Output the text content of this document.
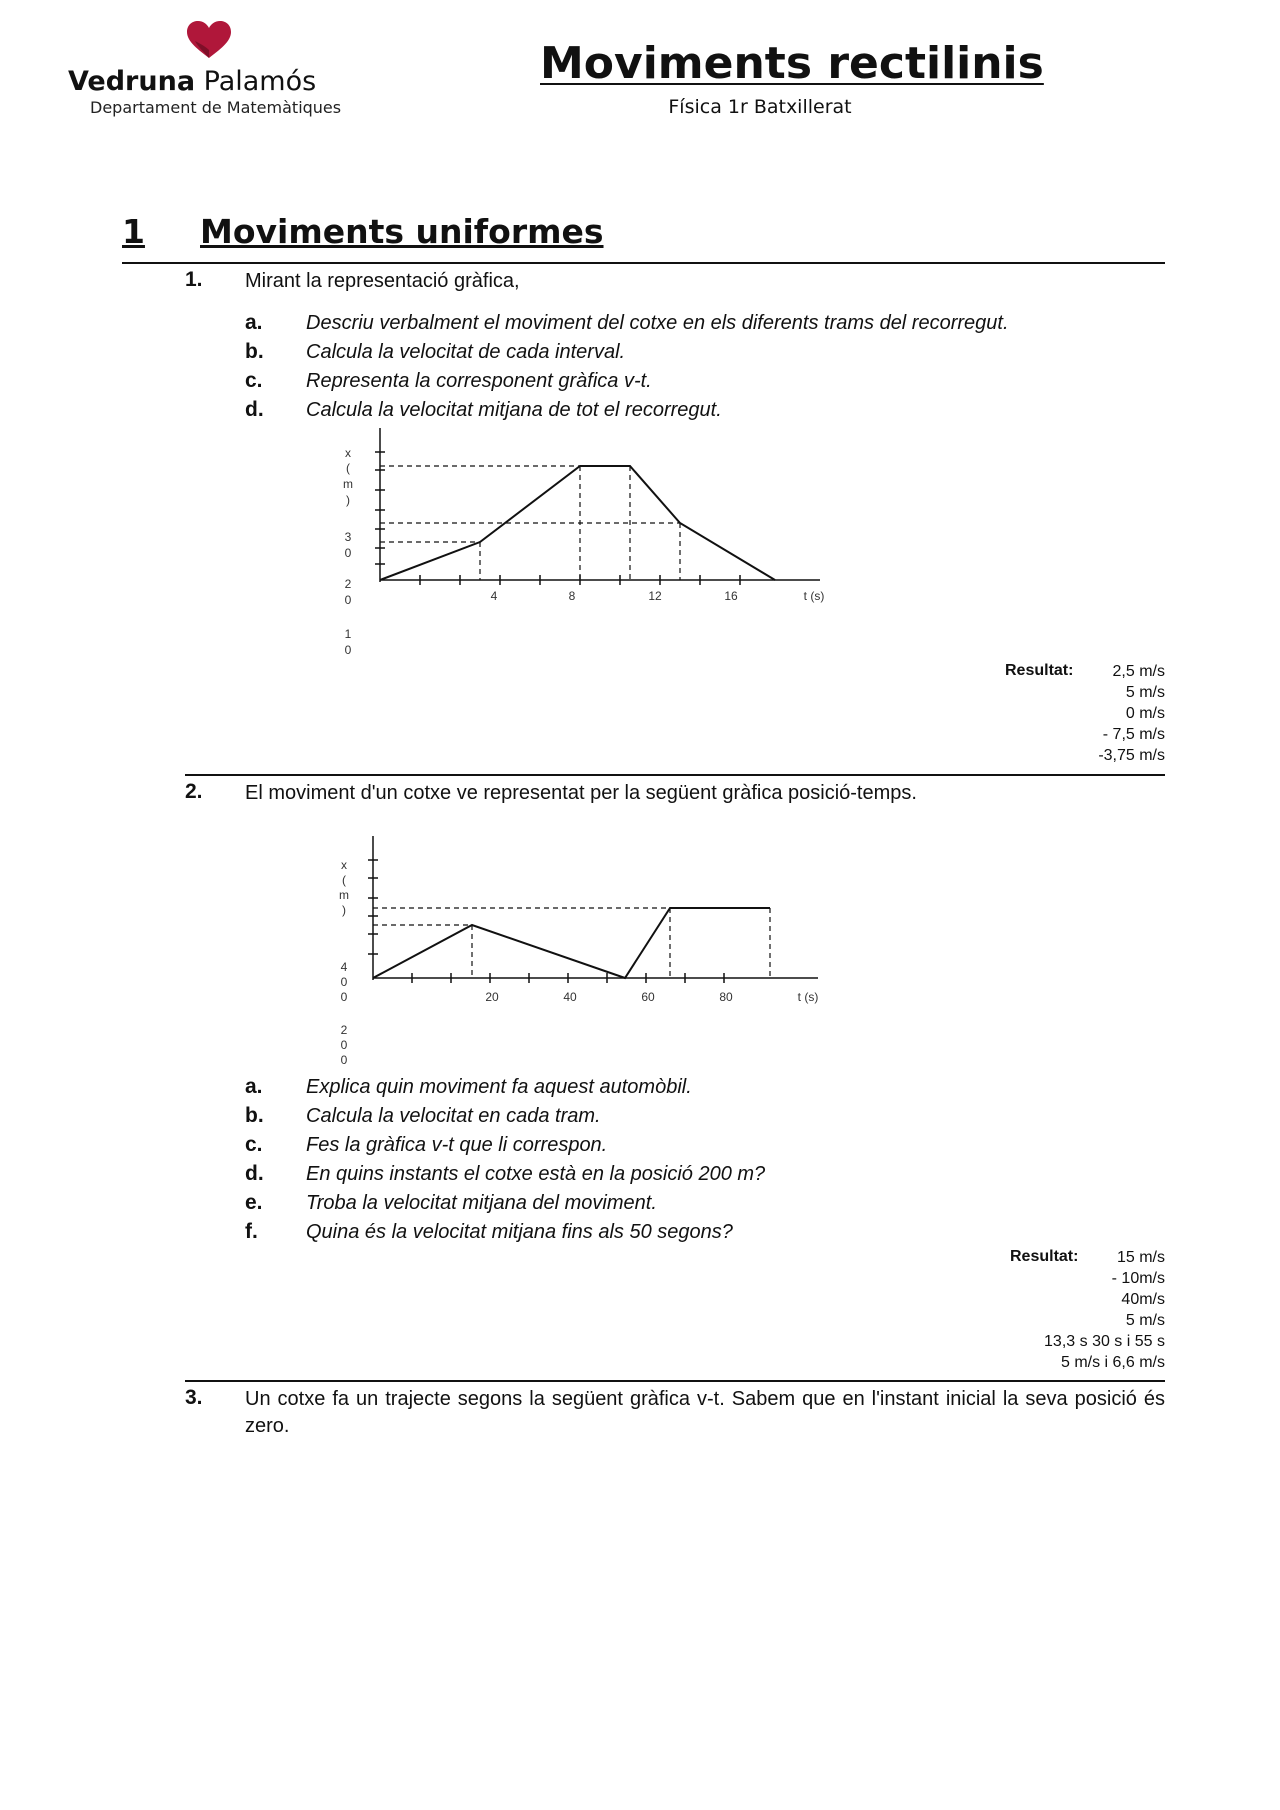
Vedruna Palamós
Departament de Matemàtiques
Moviments rectilinis
Física 1r Batxillerat
1 Moviments uniformes
1. Mirant la representació gràfica,
a. Descriu verbalment el moviment del cotxe en els diferents trams del recorregut.
b. Calcula la velocitat de cada interval.
c. Representa la corresponent gràfica v-t.
d. Calcula la velocitat mitjana de tot el recorregut.
x
(
m
)
3
0
2
0
1
0
4	8	12	16	t (s)
Resultat:	2,5 m/s
5 m/s
0 m/s
- 7,5 m/s
-3,75 m/s
2. El moviment d'un cotxe ve representat per la següent gràfica posició-temps.
x
(
m
)
4
0
0
2
0
0
20	40	60	80	t (s)
a. Explica quin moviment fa aquest automòbil.
b. Calcula la velocitat en cada tram.
c. Fes la gràfica v-t que li correspon.
d. En quins instants el cotxe està en la posició 200 m?
e. Troba la velocitat mitjana del moviment.
f. Quina és la velocitat mitjana fins als 50 segons?
Resultat:	15 m/s
- 10m/s
40m/s
5 m/s
13,3 s 30 s i 55 s
5 m/s i 6,6 m/s
3. Un cotxe fa un trajecte segons la següent gràfica v-t. Sabem que en l'instant inicial la seva posició és zero.
